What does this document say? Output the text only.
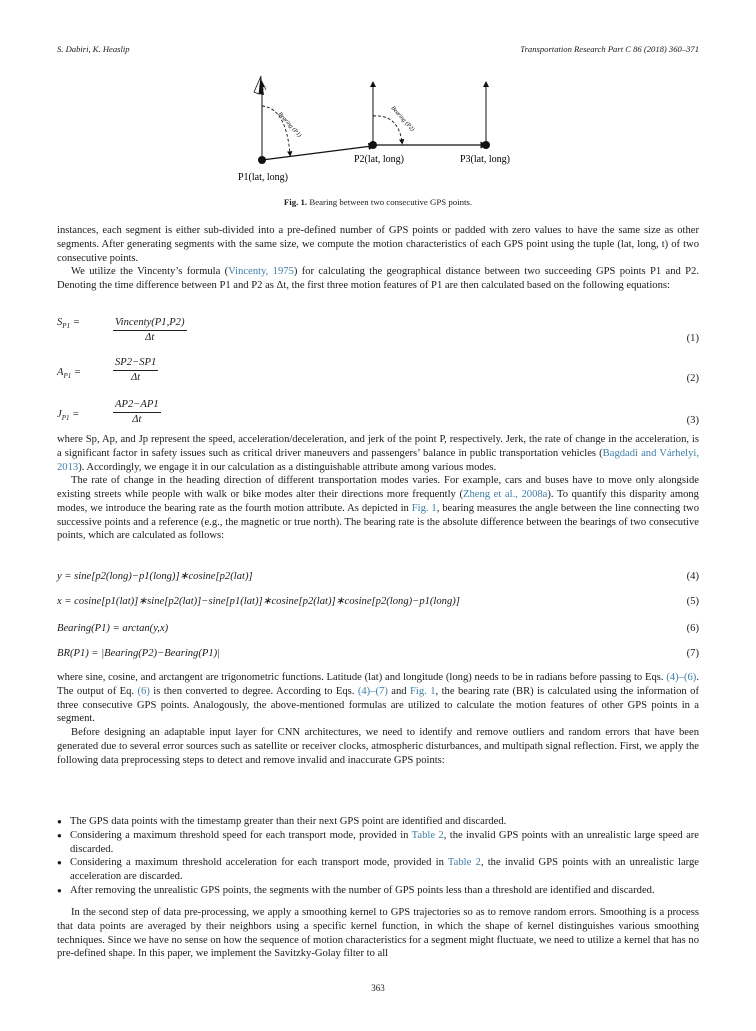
S. Dabiri, K. Heaslip	Transportation Research Part C 86 (2018) 360–371
N
Bearing (P1)	Bearing (P2)
P1(lat, long)
P2(lat, long)	P3(lat, long)
Fig. 1. Bearing between two consecutive GPS points.

instances, each segment is either sub-divided into a pre-defined number of GPS points or padded with zero values to have the same size as other segments. After generating segments with the same size, we compute the motion characteristics of each GPS point using the tuple (lat, long, t) of two consecutive points.

We utilize the Vincenty’s formula (Vincenty, 1975) for calculating the geographical distance between two succeeding GPS points P1 and P2. Denoting the time difference between P1 and P2 as Δt, the first three motion features of P1 are then calculated based on the following equations:

$S_{P1}$ =	Vincenty(P1,P2)
Δt	(1)
$A_{P1}$ =	$\frac{SP2-SP1}{\Delta t}$	(2)
$J_{P1}$ =	$\frac{AP2-AP1}{\Delta t}$	(3)

where Sp, Ap, and Jp represent the speed, acceleration/deceleration, and jerk of the point P, respectively. Jerk, the rate of change in the acceleration, is a significant factor in safety issues such as critical driver maneuvers and passengers’ balance in public transportation vehicles (Bagdadi and Várhelyi, 2013). Accordingly, we engage it in our calculation as a distinguishable attribute among various modes.

The rate of change in the heading direction of different transportation modes varies. For example, cars and buses have to move only alongside existing streets while people with walk or bike modes alter their directions more frequently (Zheng et al., 2008a). To quantify this disparity among modes, we introduce the bearing rate as the fourth motion attribute. As depicted in Fig. 1, bearing measures the angle between the line connecting two successive points and a reference (e.g., the magnetic or true north). The bearing rate is the absolute difference between the bearings of two consecutive points, which are calculated as follows:

y = sine[p2(long)−p1(long)]∗cosine[p2(lat)]	(4)
x = cosine[p1(lat)]∗sine[p2(lat)]−sine[p1(lat)]∗cosine[p2(lat)]∗cosine[p2(long)−p1(long)]	(5)
Bearing(P1) = arctan(y,x)	(6)
BR(P1) = |Bearing(P2)−Bearing(P1)|	(7)

where sine, cosine, and arctangent are trigonometric functions. Latitude (lat) and longitude (long) needs to be in radians before passing to Eqs. (4)–(6). The output of Eq. (6) is then converted to degree. According to Eqs. (4)–(7) and Fig. 1, the bearing rate (BR) is calculated using the information of three consecutive GPS points. Analogously, the above-mentioned formulas are utilized to calculate the motion features of other GPS points in a segment.

Before designing an adaptable input layer for CNN architectures, we need to identify and remove outliers and random errors that have been generated due to several error sources such as satellite or receiver clocks, atmospheric disturbances, and multipath signal reflection. First, we apply the following data preprocessing steps to detect and remove invalid and inaccurate GPS points:

● The GPS data points with the timestamp greater than their next GPS point are identified and discarded.
● Considering a maximum threshold speed for each transport mode, provided in Table 2, the invalid GPS points with an unrealistic large speed are discarded.
● Considering a maximum threshold acceleration for each transport mode, provided in Table 2, the invalid GPS points with an unrealistic large acceleration are discarded.
● After removing the unrealistic GPS points, the segments with the number of GPS points less than a threshold are identified and discarded.

In the second step of data pre-processing, we apply a smoothing kernel to GPS trajectories so as to remove random errors. Smoothing is a process that data points are averaged by their neighbors using a specific kernel function, in which the shape of kernel distinguishes various smoothing techniques. Since we have no sense on how the sequence of motion characteristics for a segment might fluctuate, we need to utilize a kernel that has no pre-defined shape. In this paper, we implement the Savitzky-Golay filter to all

363
